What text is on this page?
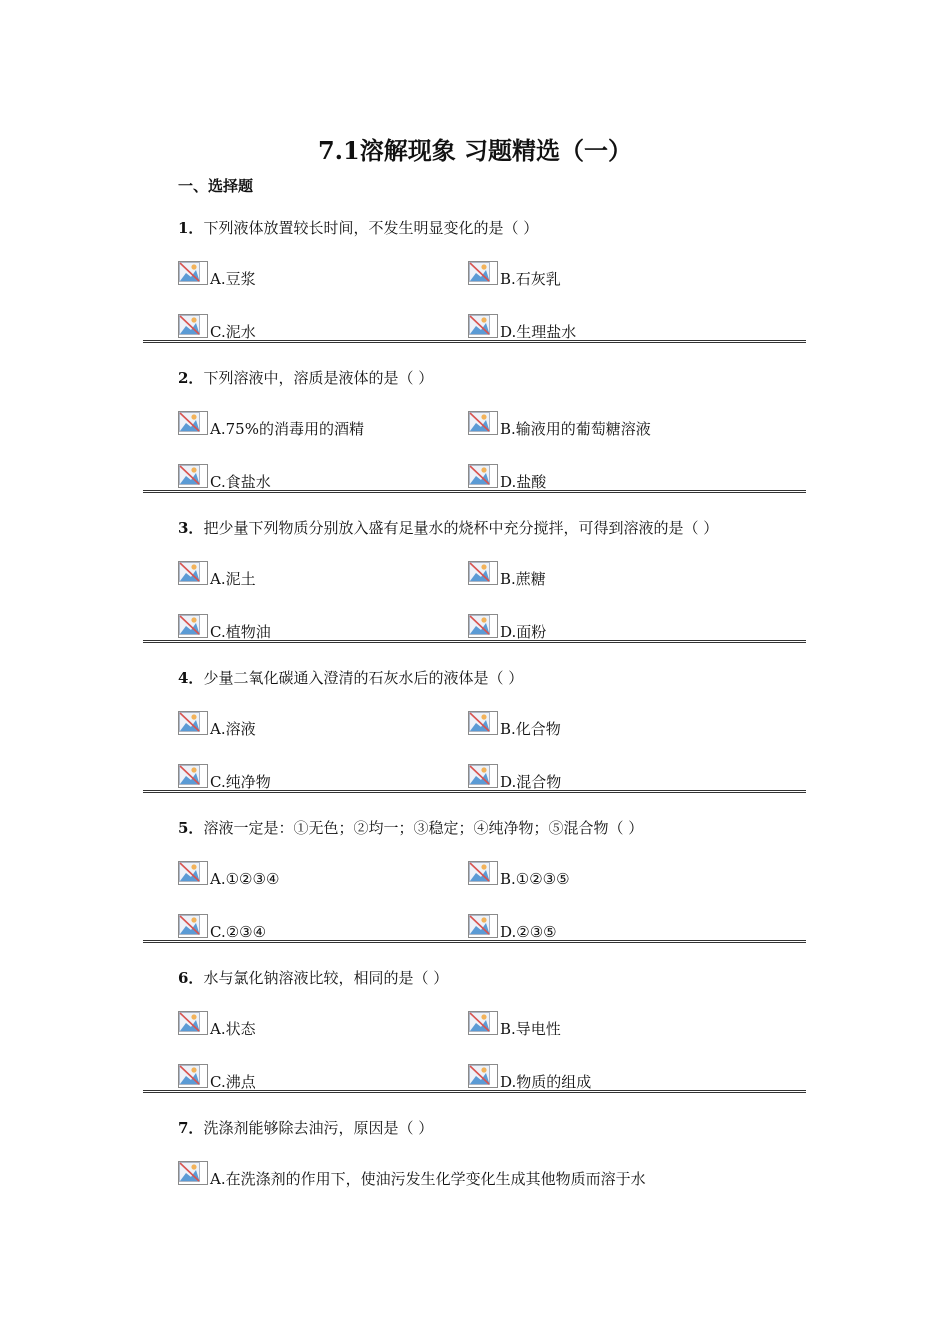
7.1溶解现象 习题精选（一）
一、选择题
1．下列液体放置较长时间，不发生明显变化的是（ ）
A.豆浆	B.石灰乳
C.泥水	D.生理盐水
2．下列溶液中，溶质是液体的是（ ）
A.75%的消毒用的酒精	B.输液用的葡萄糖溶液
C.食盐水	D.盐酸
3．把少量下列物质分别放入盛有足量水的烧杯中充分搅拌，可得到溶液的是（ ）
A.泥土	B.蔗糖
C.植物油	D.面粉
4．少量二氧化碳通入澄清的石灰水后的液体是（ ）
A.溶液	B.化合物
C.纯净物	D.混合物
5．溶液一定是：①无色；②均一；③稳定；④纯净物；⑤混合物（ ）
A.①②③④	B.①②③⑤
C.②③④	D.②③⑤
6．水与氯化钠溶液比较，相同的是（ ）
A.状态	B.导电性
C.沸点	D.物质的组成
7．洗涤剂能够除去油污，原因是（ ）
A.在洗涤剂的作用下，使油污发生化学变化生成其他物质而溶于水
